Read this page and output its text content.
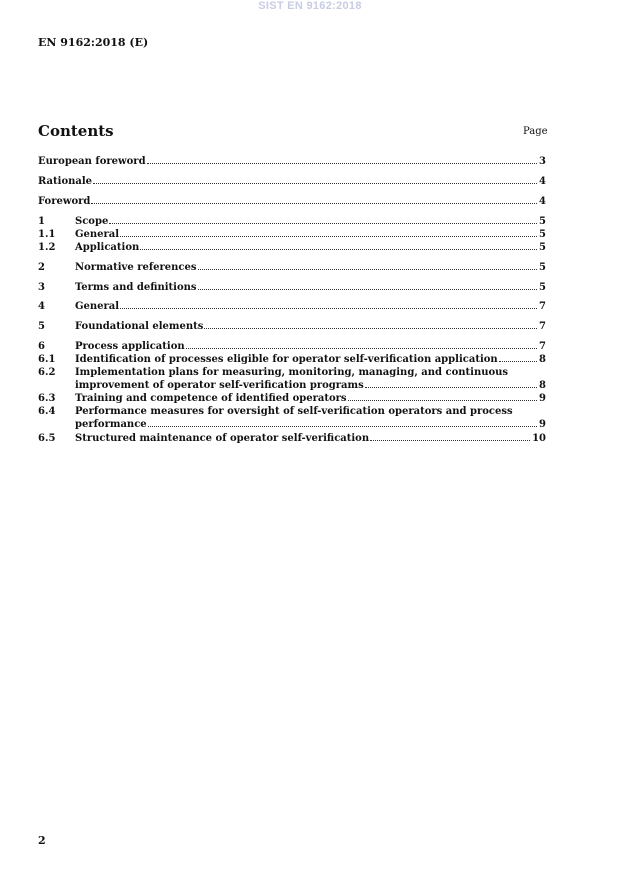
SIST EN 9162:2018
EN 9162:2018 (E)
Contents	Page
European foreword	3
Rationale	4
Foreword	4
1	Scope	5
1.1	General	5
1.2	Application	5
2	Normative references	5
3	Terms and definitions	5
4	General	7
5	Foundational elements	7
6	Process application	7
6.1	Identification of processes eligible for operator self-verification application	8
6.2	Implementation plans for measuring, monitoring, managing, and continuous
improvement of operator self-verification programs	8
6.3	Training and competence of identified operators	9
6.4	Performance measures for oversight of self-verification operators and process
performance	9
6.5	Structured maintenance of operator self-verification	10
2
